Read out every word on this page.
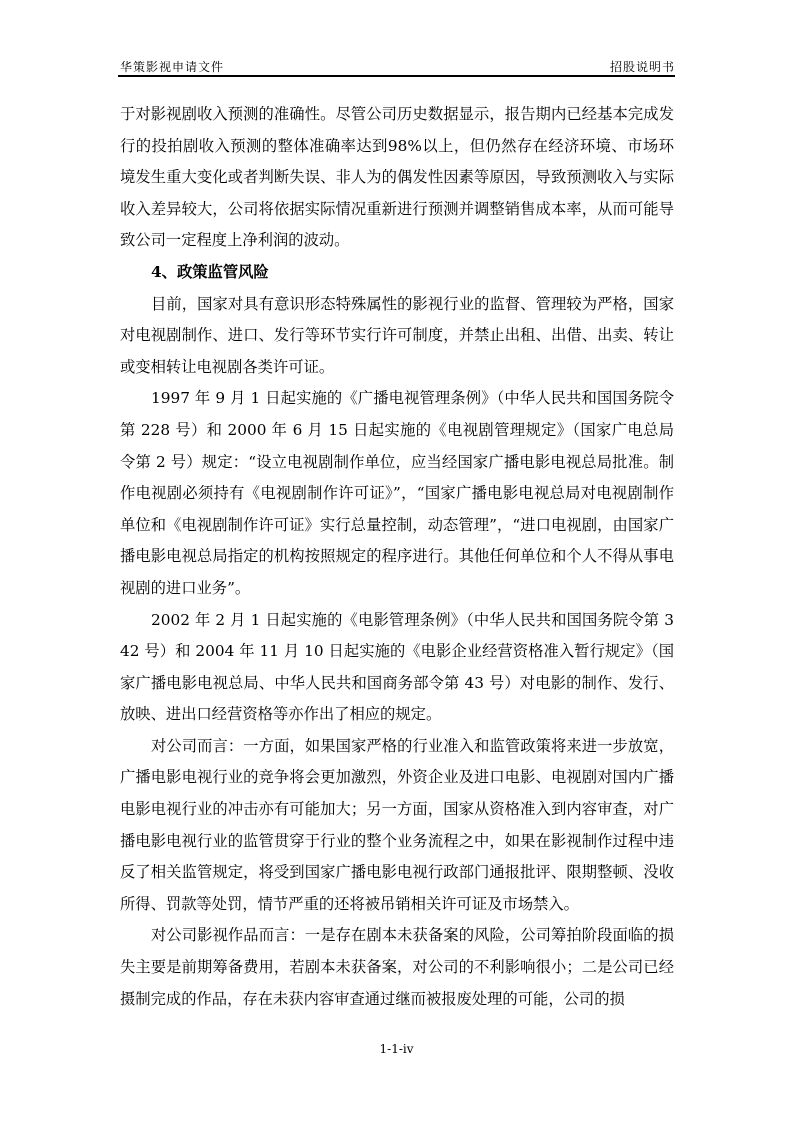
华策影视申请文件	招股说明书

于对影视剧收入预测的准确性。尽管公司历史数据显示，报告期内已经基本完成发行的投拍剧收入预测的整体准确率达到98%以上，但仍然存在经济环境、市场环境发生重大变化或者判断失误、非人为的偶发性因素等原因，导致预测收入与实际收入差异较大，公司将依据实际情况重新进行预测并调整销售成本率，从而可能导致公司一定程度上净利润的波动。

4、政策监管风险

目前，国家对具有意识形态特殊属性的影视行业的监督、管理较为严格，国家对电视剧制作、进口、发行等环节实行许可制度，并禁止出租、出借、出卖、转让或变相转让电视剧各类许可证。

1997 年 9 月 1 日起实施的《广播电视管理条例》（中华人民共和国国务院令第 228 号）和 2000 年 6 月 15 日起实施的《电视剧管理规定》（国家广电总局令第 2 号）规定：“设立电视剧制作单位，应当经国家广播电影电视总局批准。制作电视剧必须持有《电视剧制作许可证》”，“国家广播电影电视总局对电视剧制作单位和《电视剧制作许可证》实行总量控制，动态管理”，“进口电视剧，由国家广播电影电视总局指定的机构按照规定的程序进行。其他任何单位和个人不得从事电视剧的进口业务”。

2002 年 2 月 1 日起实施的《电影管理条例》（中华人民共和国国务院令第 342 号）和 2004 年 11 月 10 日起实施的《电影企业经营资格准入暂行规定》（国家广播电影电视总局、中华人民共和国商务部令第 43 号）对电影的制作、发行、放映、进出口经营资格等亦作出了相应的规定。

对公司而言：一方面，如果国家严格的行业准入和监管政策将来进一步放宽，广播电影电视行业的竞争将会更加激烈，外资企业及进口电影、电视剧对国内广播电影电视行业的冲击亦有可能加大；另一方面，国家从资格准入到内容审查，对广播电影电视行业的监管贯穿于行业的整个业务流程之中，如果在影视制作过程中违反了相关监管规定，将受到国家广播电影电视行政部门通报批评、限期整顿、没收所得、罚款等处罚，情节严重的还将被吊销相关许可证及市场禁入。

对公司影视作品而言：一是存在剧本未获备案的风险，公司筹拍阶段面临的损失主要是前期筹备费用，若剧本未获备案，对公司的不利影响很小；二是公司已经摄制完成的作品，存在未获内容审查通过继而被报废处理的可能，公司的损

1-1-iv
